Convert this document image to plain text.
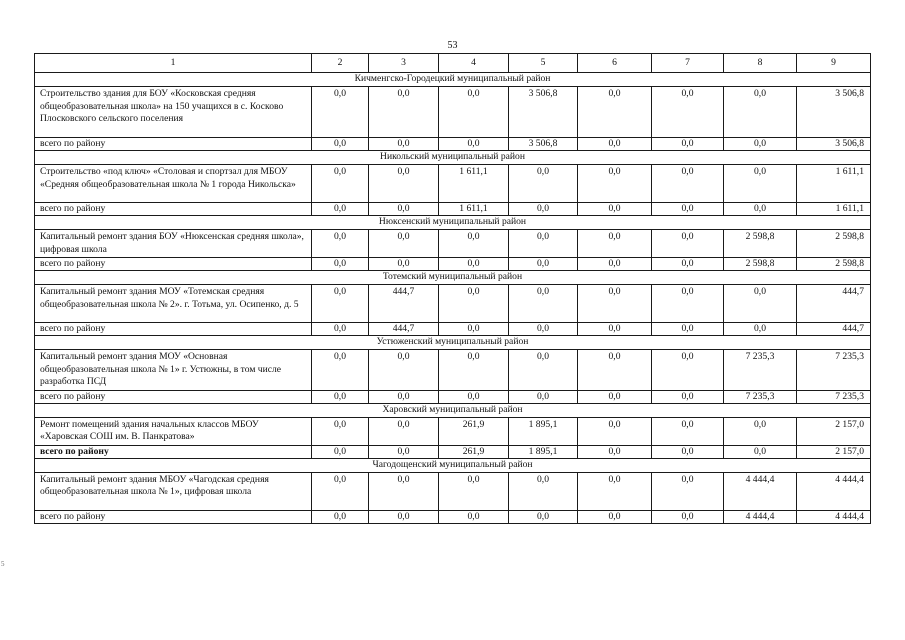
53
5
1	2	3	4	5	6	7	8	9
Кичменгско-Городецкий муниципальный район								
Строительство здания для БОУ «Косковская средняя общеобразовательная школа» на 150 учащихся в с. Косково Плосковского сельского поселения	0,0	0,0	0,0	3 506,8	0,0	0,0	0,0	3 506,8
всего по району	0,0	0,0	0,0	3 506,8	0,0	0,0	0,0	3 506,8
Никольский муниципальный район								
Строительство «под ключ» «Столовая и спортзал для МБОУ «Средняя общеобразовательная школа № 1 города Никольска»	0,0	0,0	1 611,1	0,0	0,0	0,0	0,0	1 611,1
всего по району	0,0	0,0	1 611,1	0,0	0,0	0,0	0,0	1 611,1
Нюксенский муниципальный район								
Капитальный ремонт здания БОУ «Нюксенская средняя школа», цифровая школа	0,0	0,0	0,0	0,0	0,0	0,0	2 598,8	2 598,8
всего по району	0,0	0,0	0,0	0,0	0,0	0,0	2 598,8	2 598,8
Тотемский муниципальный район								
Капитальный ремонт здания МОУ «Тотемская средняя общеобразовательная школа № 2». г. Тотьма, ул. Осипенко, д. 5	0,0	444,7	0,0	0,0	0,0	0,0	0,0	444,7
всего по району	0,0	444,7	0,0	0,0	0,0	0,0	0,0	444,7
Устюженский муниципальный район								
Капитальный ремонт здания МОУ «Основная общеобразовательная школа № 1» г. Устюжны, в том числе разработка ПСД	0,0	0,0	0,0	0,0	0,0	0,0	7 235,3	7 235,3
всего по району	0,0	0,0	0,0	0,0	0,0	0,0	7 235,3	7 235,3
Харовский муниципальный район								
Ремонт помещений здания начальных классов МБОУ «Харовская СОШ им. В. Панкратова»	0,0	0,0	261,9	1 895,1	0,0	0,0	0,0	2 157,0
всего по району	0,0	0,0	261,9	1 895,1	0,0	0,0	0,0	2 157,0
Чагодощенский муниципальный район								
Капитальный ремонт здания МБОУ «Чагодская средняя общеобразовательная школа № 1», цифровая школа	0,0	0,0	0,0	0,0	0,0	0,0	4 444,4	4 444,4
всего по району	0,0	0,0	0,0	0,0	0,0	0,0	4 444,4	4 444,4
